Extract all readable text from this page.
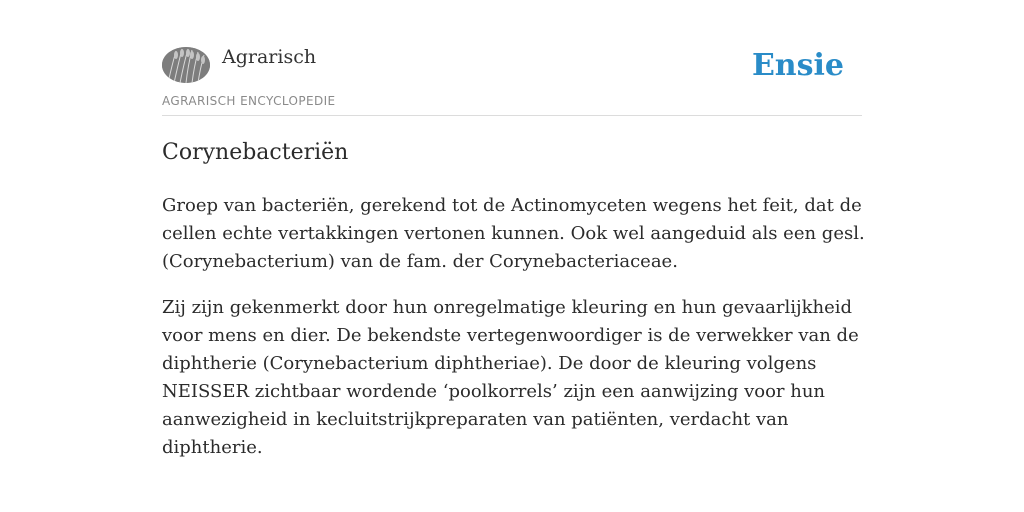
Agrarisch
AGRARISCH ENCYCLOPEDIE
Ensie
Corynebacteriën

Groep van bacteriën, gerekend tot de Actinomyceten wegens het feit, dat de cellen echte vertakkingen vertonen kunnen. Ook wel aangeduid als een gesl. (Corynebacterium) van de fam. der Corynebacteriaceae.

Zij zijn gekenmerkt door hun onregelmatige kleuring en hun gevaarlijkheid voor mens en dier. De bekendste vertegenwoordiger is de verwekker van de diphtherie (Corynebacterium diphtheriae). De door de kleuring volgens NEISSER zichtbaar wordende ‘poolkorrels’ zijn een aanwijzing voor hun aanwezigheid in kecluitstrijkpreparaten van patiënten, verdacht van diphtherie.
